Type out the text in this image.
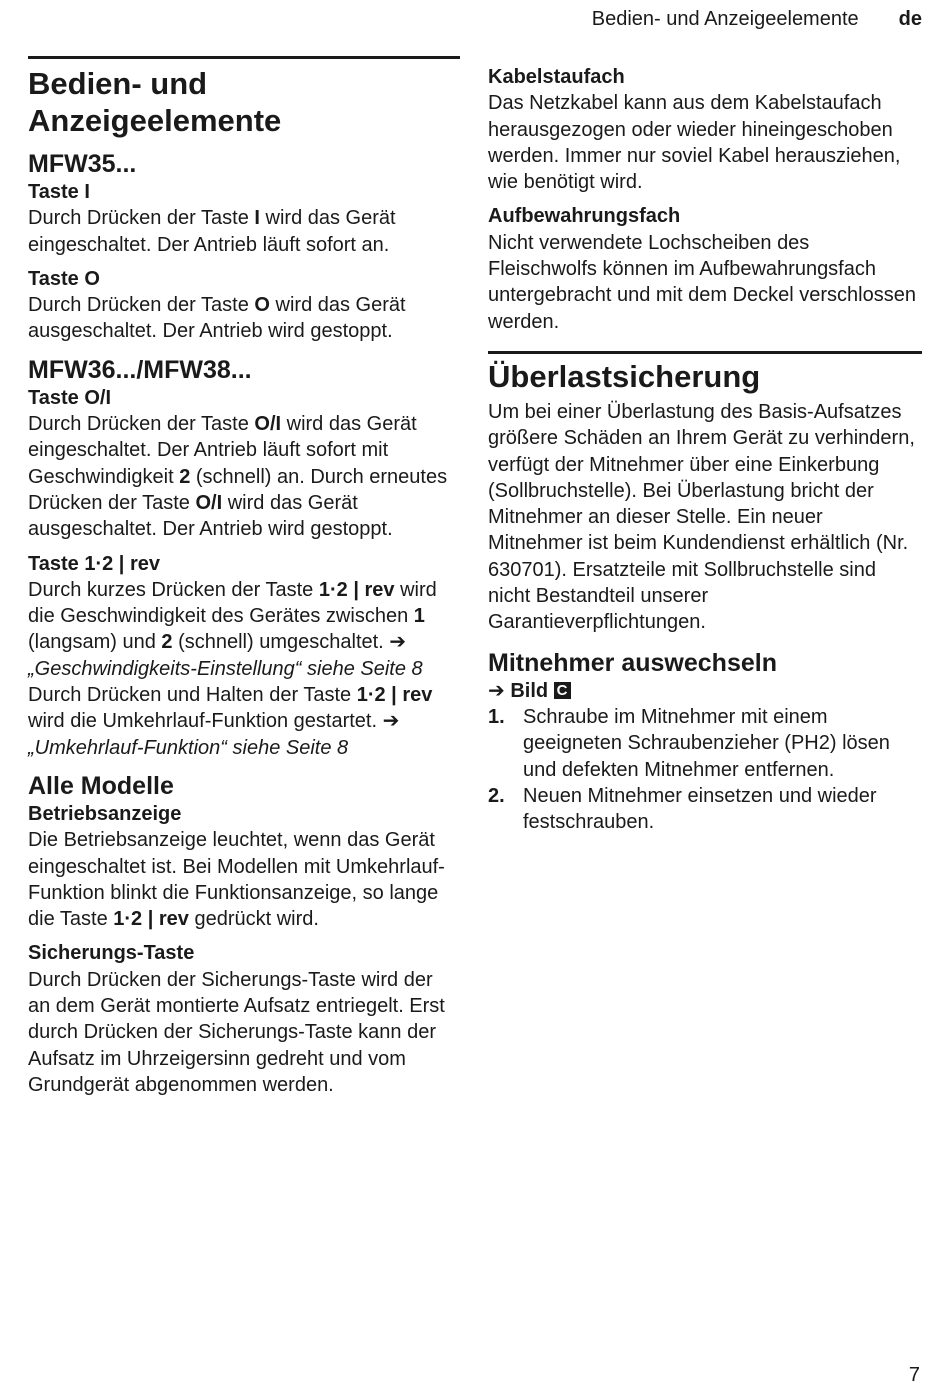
Bedien- und Anzeigeelemente de
Bedien- und Anzeigeelemente
MFW35...

Taste I

Durch Drücken der Taste I wird das Gerät eingeschaltet. Der Antrieb läuft sofort an.

Taste O

Durch Drücken der Taste O wird das Gerät ausgeschaltet. Der Antrieb wird gestoppt.

MFW36.../MFW38...

Taste O/I

Durch Drücken der Taste O/I wird das Gerät eingeschaltet. Der Antrieb läuft sofort mit Geschwindigkeit 2 (schnell) an. Durch erneutes Drücken der Taste O/I wird das Gerät ausgeschaltet. Der Antrieb wird gestoppt.

Taste 1·2 | rev

Durch kurzes Drücken der Taste 1·2 | rev wird die Geschwindigkeit des Gerätes zwischen 1 (langsam) und 2 (schnell) umgeschaltet. ➔ „Geschwindigkeits-Einstellung“ siehe Seite 8

Durch Drücken und Halten der Taste 1·2 | rev wird die Umkehrlauf-Funktion gestartet. ➔ „Umkehrlauf-Funktion“ siehe Seite 8

Alle Modelle

Betriebsanzeige

Die Betriebsanzeige leuchtet, wenn das Gerät eingeschaltet ist. Bei Modellen mit Umkehrlauf-Funktion blinkt die Funktionsanzeige, so lange die Taste 1·2 | rev gedrückt wird.

Sicherungs-Taste

Durch Drücken der Sicherungs-Taste wird der an dem Gerät montierte Aufsatz entriegelt. Erst durch Drücken der Sicherungs-Taste kann der Aufsatz im Uhrzeigersinn gedreht und vom Grundgerät abgenommen werden.

Kabelstaufach

Das Netzkabel kann aus dem Kabelstaufach herausgezogen oder wieder hineingeschoben werden. Immer nur soviel Kabel herausziehen, wie benötigt wird.

Aufbewahrungsfach

Nicht verwendete Lochscheiben des Fleischwolfs können im Aufbewahrungsfach untergebracht und mit dem Deckel verschlossen werden.

Überlastsicherung

Um bei einer Überlastung des Basis-Aufsatzes größere Schäden an Ihrem Gerät zu verhindern, verfügt der Mitnehmer über eine Einkerbung (Sollbruchstelle). Bei Überlastung bricht der Mitnehmer an dieser Stelle. Ein neuer Mitnehmer ist beim Kundendienst erhältlich (Nr. 630701). Ersatzteile mit Sollbruchstelle sind nicht Bestandteil unserer Garantieverpflichtungen.

Mitnehmer auswechseln

➔ Bild C

1. Schraube im Mitnehmer mit einem geeigneten Schraubenzieher (PH2) lösen und defekten Mitnehmer entfernen.
2. Neuen Mitnehmer einsetzen und wieder festschrauben.
7
